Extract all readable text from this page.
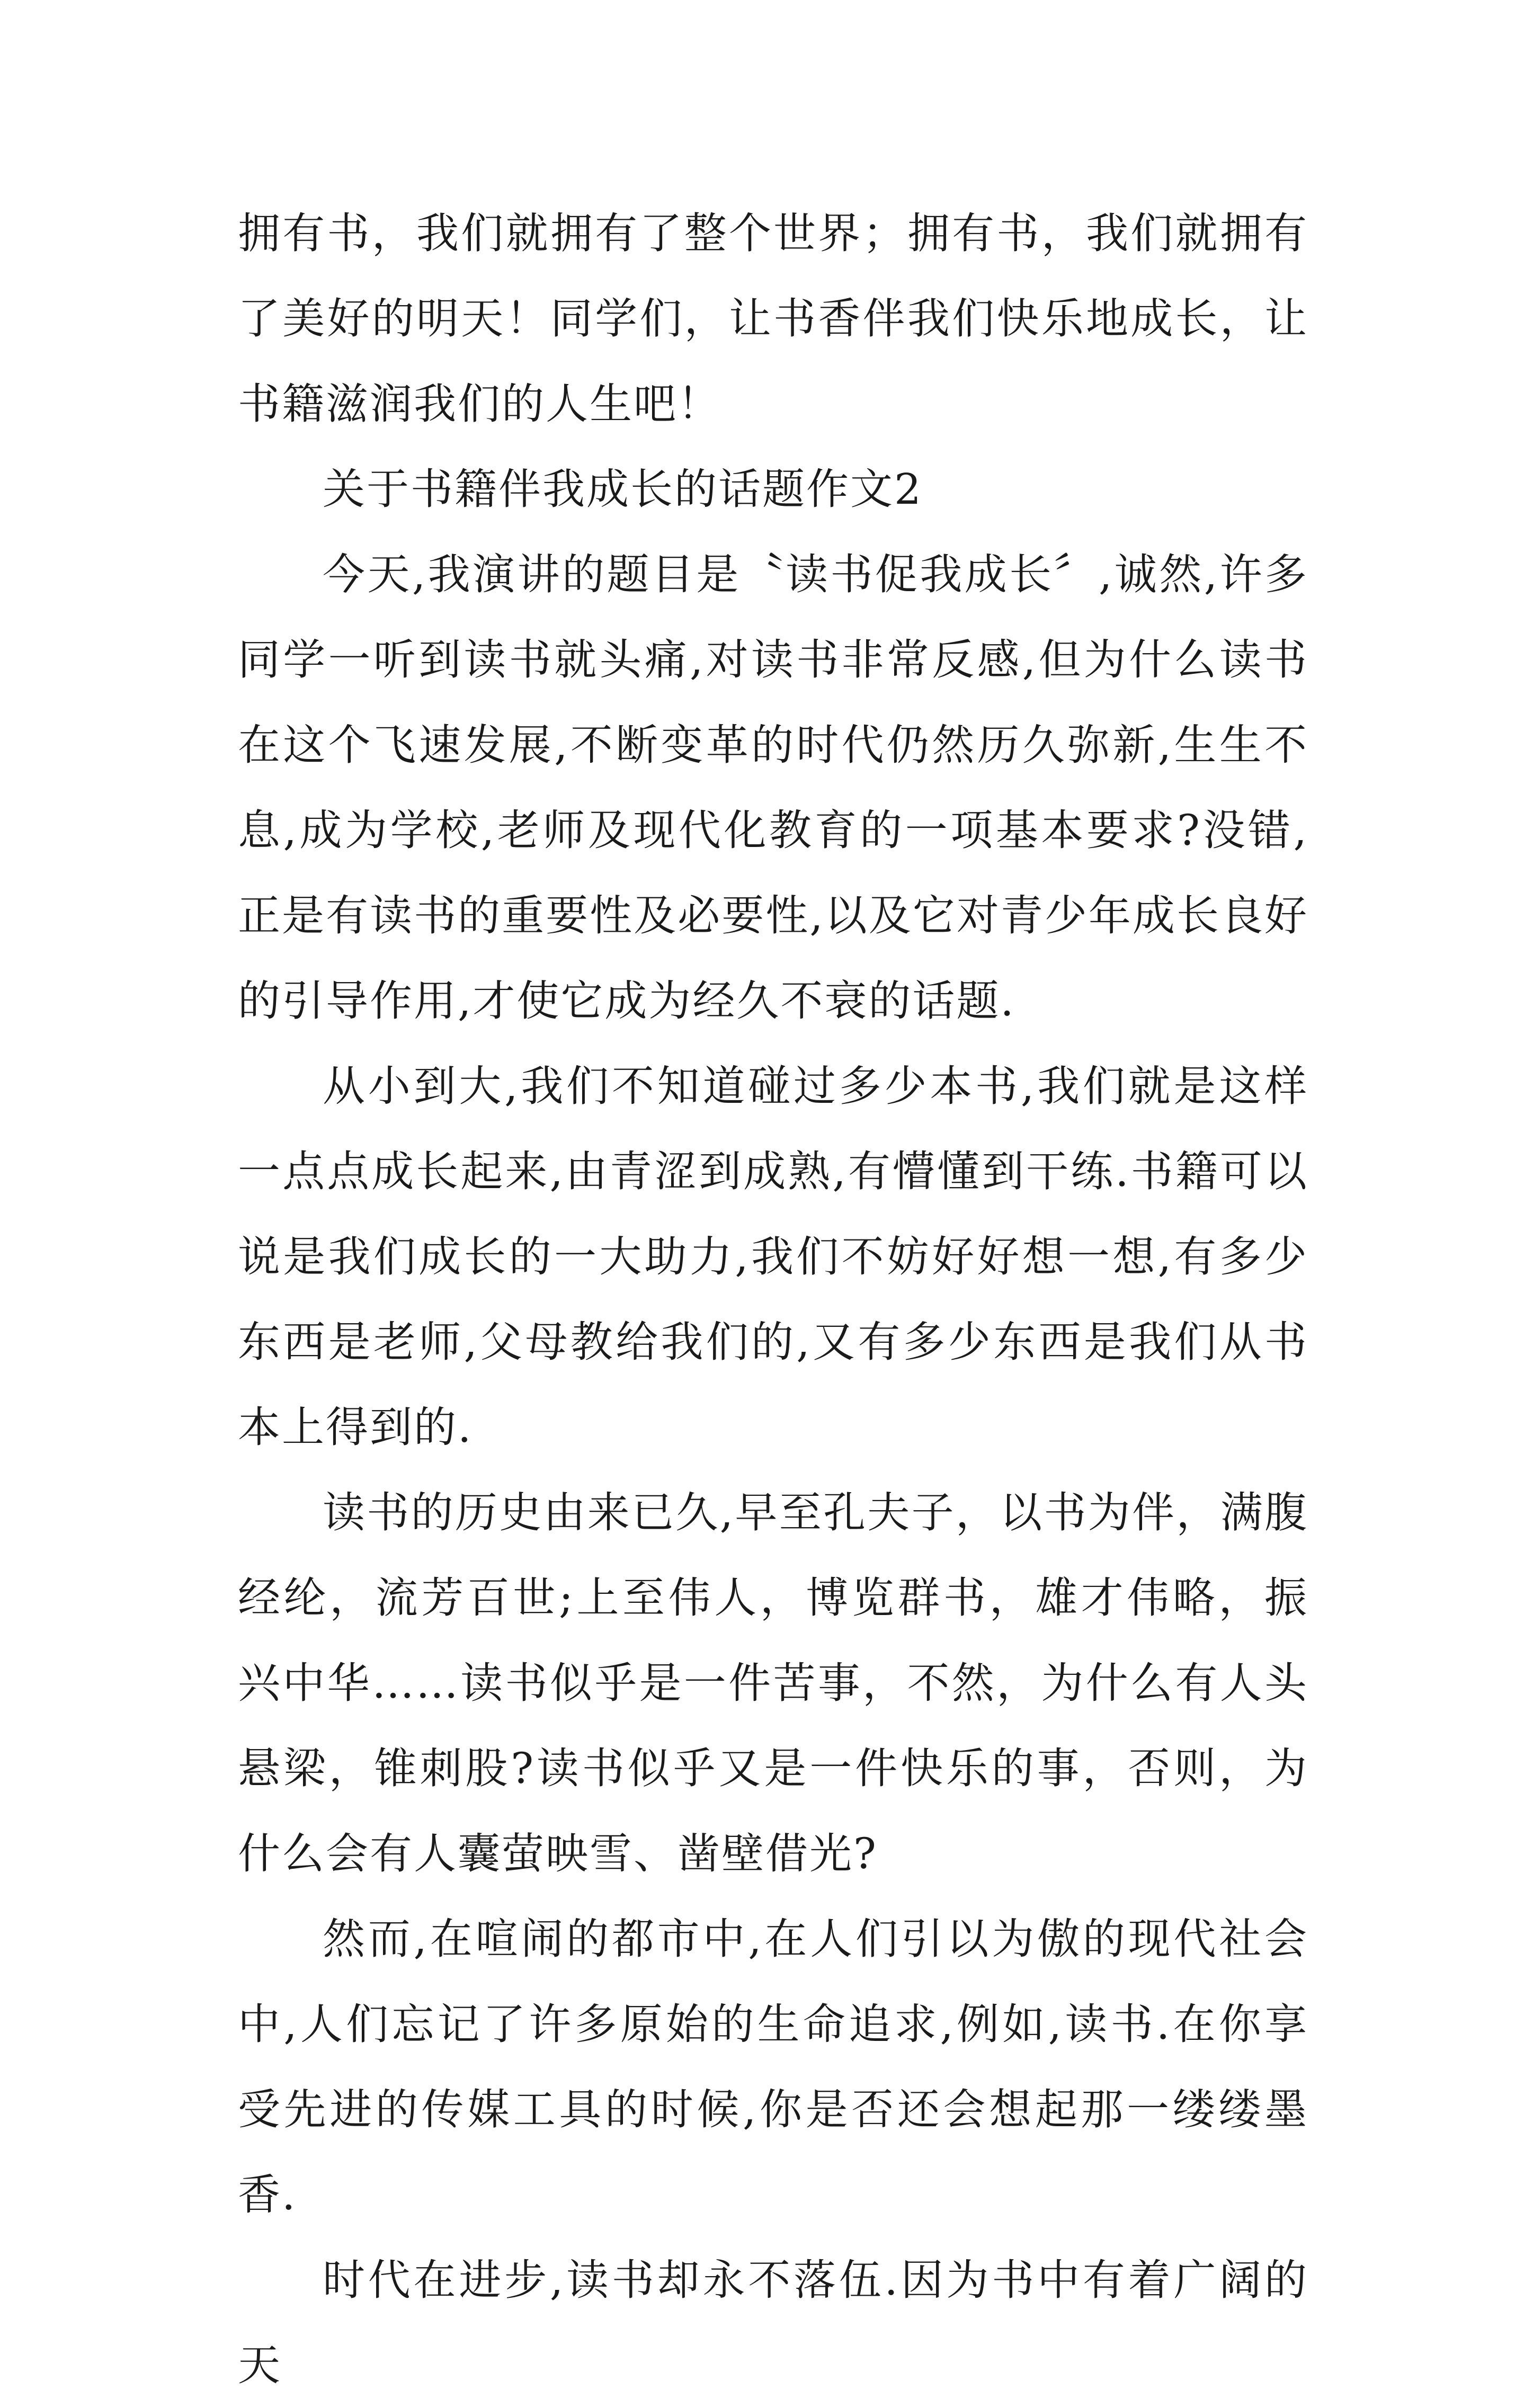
拥有书，我们就拥有了整个世界；拥有书，我们就拥有了美好的明天！同学们，让书香伴我们快乐地成长，让书籍滋润我们的人生吧！

关于书籍伴我成长的话题作文2

今天,我演讲的题目是〝读书促我成长〞,诚然,许多同学一听到读书就头痛,对读书非常反感,但为什么读书在这个飞速发展,不断变革的时代仍然历久弥新,生生不息,成为学校,老师及现代化教育的一项基本要求?没错,正是有读书的重要性及必要性,以及它对青少年成长良好的引导作用,才使它成为经久不衰的话题.

从小到大,我们不知道碰过多少本书,我们就是这样一点点成长起来,由青涩到成熟,有懵懂到干练.书籍可以说是我们成长的一大助力,我们不妨好好想一想,有多少东西是老师,父母教给我们的,又有多少东西是我们从书本上得到的.

读书的历史由来已久,早至孔夫子，以书为伴，满腹经纶，流芳百世;上至伟人，博览群书，雄才伟略，振兴中华……读书似乎是一件苦事，不然，为什么有人头悬梁，锥刺股?读书似乎又是一件快乐的事，否则，为什么会有人囊萤映雪、凿壁借光?

然而,在喧闹的都市中,在人们引以为傲的现代社会中,人们忘记了许多原始的生命追求,例如,读书.在你享受先进的传媒工具的时候,你是否还会想起那一缕缕墨香.

时代在进步,读书却永不落伍.因为书中有着广阔的天
